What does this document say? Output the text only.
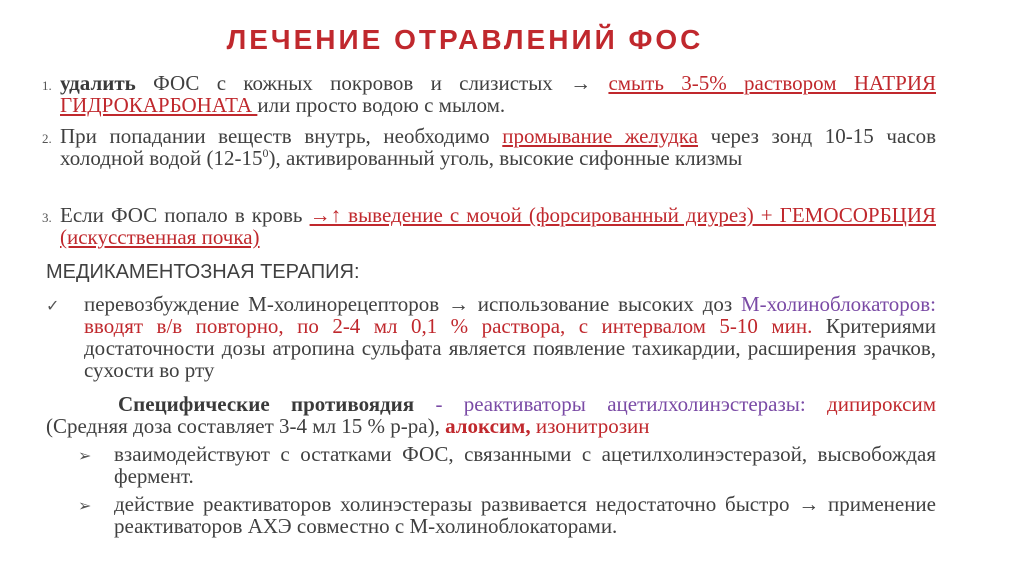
ЛЕЧЕНИЕ ОТРАВЛЕНИЙ ФОС
1. удалить ФОС с кожных покровов и слизистых → смыть 3-5% раствором НАТРИЯ ГИДРОКАРБОНАТА или просто водою с мылом.
2. При попадании веществ внутрь, необходимо промывание желудка через зонд 10-15 часов холодной водой $(12-15^0)$, активированный уголь, высокие сифонные клизмы
3. Если ФОС попало в кровь →↑ выведение с мочой (форсированный диурез) + ГЕМОСОРБЦИЯ (искусственная почка)
МЕДИКАМЕНТОЗНАЯ ТЕРАПИЯ:
✓ перевозбуждение М-холинорецепторов → использование высоких доз М-холиноблокаторов: вводят в/в повторно, по 2-4 мл 0,1 % раствора, с интервалом 5-10 мин. Критериями достаточности дозы атропина сульфата является появление тахикардии, расширения зрачков, сухости во рту
Специфические противоядия - реактиваторы ацетилхолинэстеразы: дипироксим (Средняя доза составляет 3-4 мл 15 % р-ра), алоксим, изонитрозин
➢ взаимодействуют с остатками ФОС, связанными с ацетилхолинэстеразой, высвобождая фермент.
➢ действие реактиваторов холинэстеразы развивается недостаточно быстро → применение реактиваторов АХЭ совместно с М-холиноблокаторами.
